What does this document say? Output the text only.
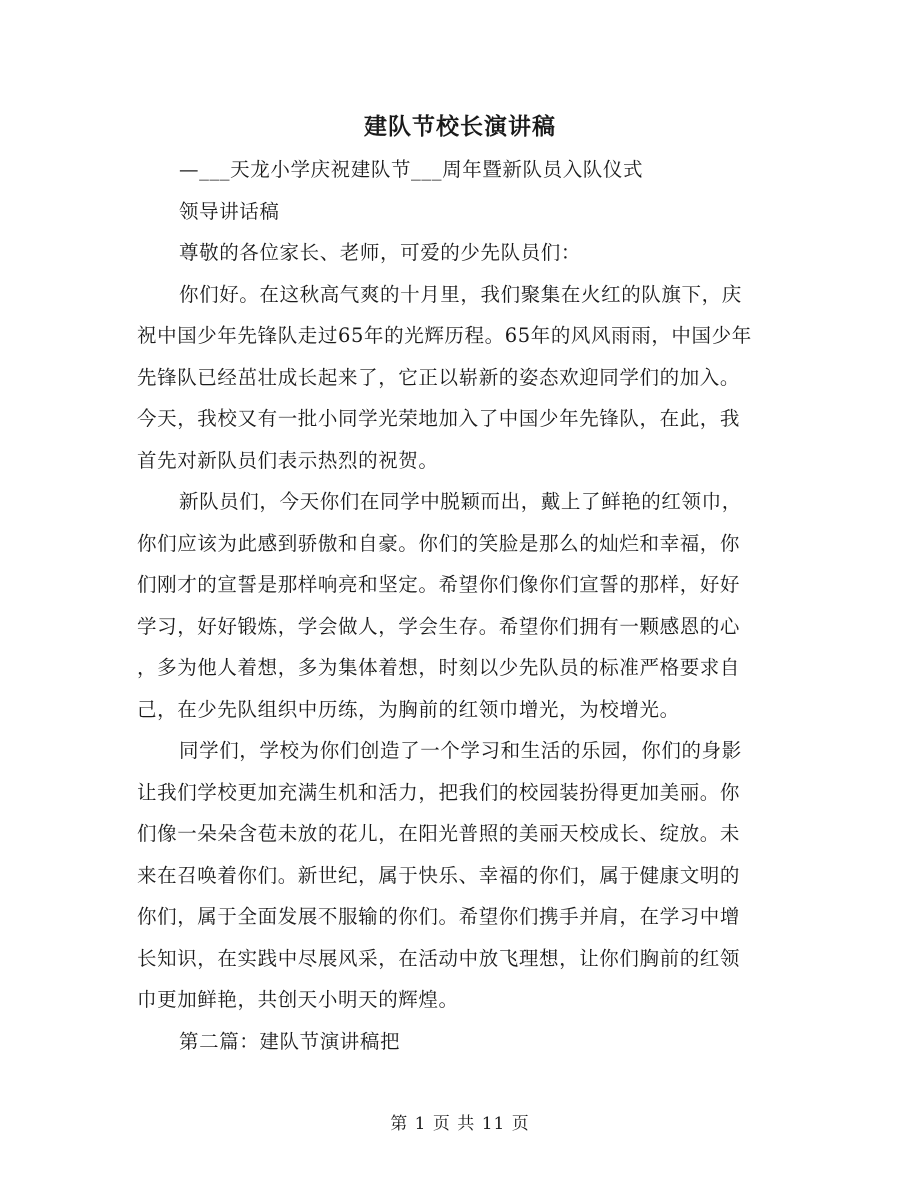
建队节校长演讲稿
—___天龙小学庆祝建队节___周年暨新队员入队仪式
领导讲话稿
尊敬的各位家长、老师，可爱的少先队员们：
你们好。在这秋高气爽的十月里，我们聚集在火红的队旗下，庆
祝中国少年先锋队走过65年的光辉历程。65年的风风雨雨，中国少年
先锋队已经茁壮成长起来了，它正以崭新的姿态欢迎同学们的加入。
今天，我校又有一批小同学光荣地加入了中国少年先锋队，在此，我
首先对新队员们表示热烈的祝贺。
新队员们，今天你们在同学中脱颖而出，戴上了鲜艳的红领巾，
你们应该为此感到骄傲和自豪。你们的笑脸是那么的灿烂和幸福，你
们刚才的宣誓是那样响亮和坚定。希望你们像你们宣誓的那样，好好
学习，好好锻炼，学会做人，学会生存。希望你们拥有一颗感恩的心
，多为他人着想，多为集体着想，时刻以少先队员的标准严格要求自
己，在少先队组织中历练，为胸前的红领巾增光，为校增光。
同学们，学校为你们创造了一个学习和生活的乐园，你们的身影
让我们学校更加充满生机和活力，把我们的校园装扮得更加美丽。你
们像一朵朵含苞未放的花儿，在阳光普照的美丽天校成长、绽放。未
来在召唤着你们。新世纪，属于快乐、幸福的你们，属于健康文明的
你们，属于全面发展不服输的你们。希望你们携手并肩，在学习中增
长知识，在实践中尽展风采，在活动中放飞理想，让你们胸前的红领
巾更加鲜艳，共创天小明天的辉煌。
第二篇：建队节演讲稿把
第 1 页 共 11 页
